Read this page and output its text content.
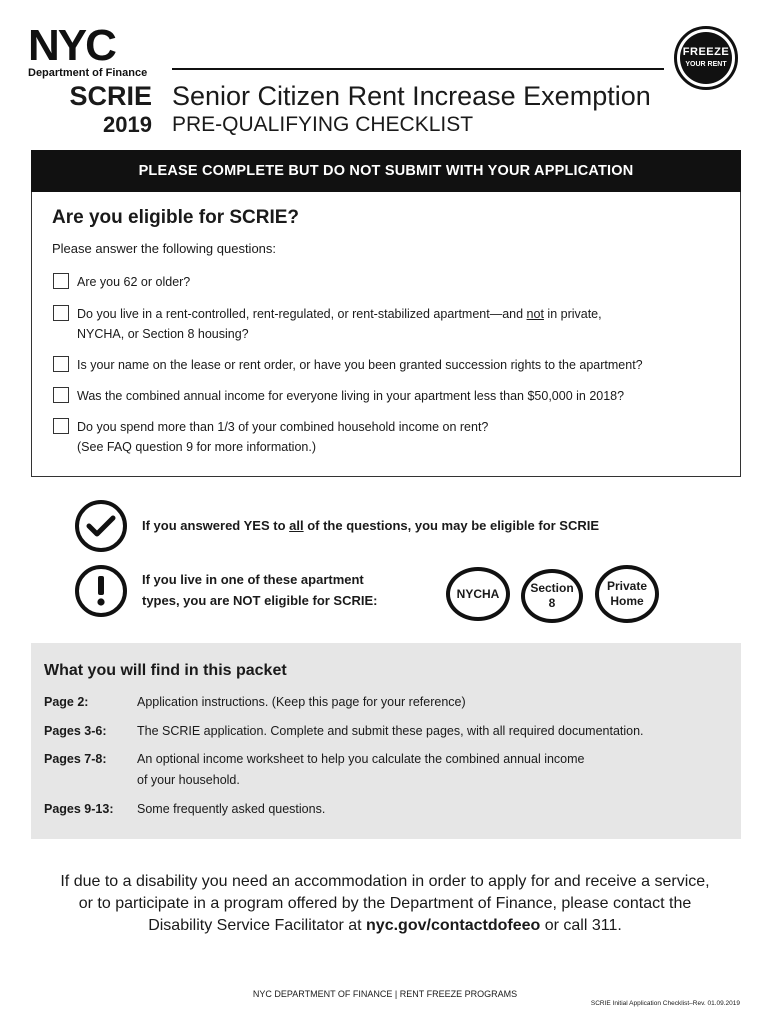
NYC
Department of Finance
FREEZE
YOUR RENT
SCRIE
2019
Senior Citizen Rent Increase Exemption
PRE-QUALIFYING CHECKLIST
PLEASE COMPLETE BUT DO NOT SUBMIT WITH YOUR APPLICATION
Are you eligible for SCRIE?
Please answer the following questions:
Are you 62 or older?
Do you live in a rent-controlled, rent-regulated, or rent-stabilized apartment—and not in private,
NYCHA, or Section 8 housing?
Is your name on the lease or rent order, or have you been granted succession rights to the apartment?
Was the combined annual income for everyone living in your apartment less than $50,000 in 2018?
Do you spend more than 1/3 of your combined household income on rent?
(See FAQ question 9 for more information.)
If you answered YES to all of the questions, you may be eligible for SCRIE
If you live in one of these apartment
types, you are NOT eligible for SCRIE:	NYCHA	Section
8
Private
Home
What you will find in this packet
Page 2:	Application instructions. (Keep this page for your reference)
Pages 3-6: The SCRIE application. Complete and submit these pages, with all required documentation.
Pages 7-8: An optional income worksheet to help you calculate the combined annual income
of your household.
Pages 9-13: Some frequently asked questions.
If due to a disability you need an accommodation in order to apply for and receive a service,
or to participate in a program offered by the Department of Finance, please contact the
Disability Service Facilitator at nyc.gov/contactdofeeo or call 311.
NYC DEPARTMENT OF FINANCE | RENT FREEZE PROGRAMS
SCRIE Initial Application Checklist–Rev. 01.09.2019
